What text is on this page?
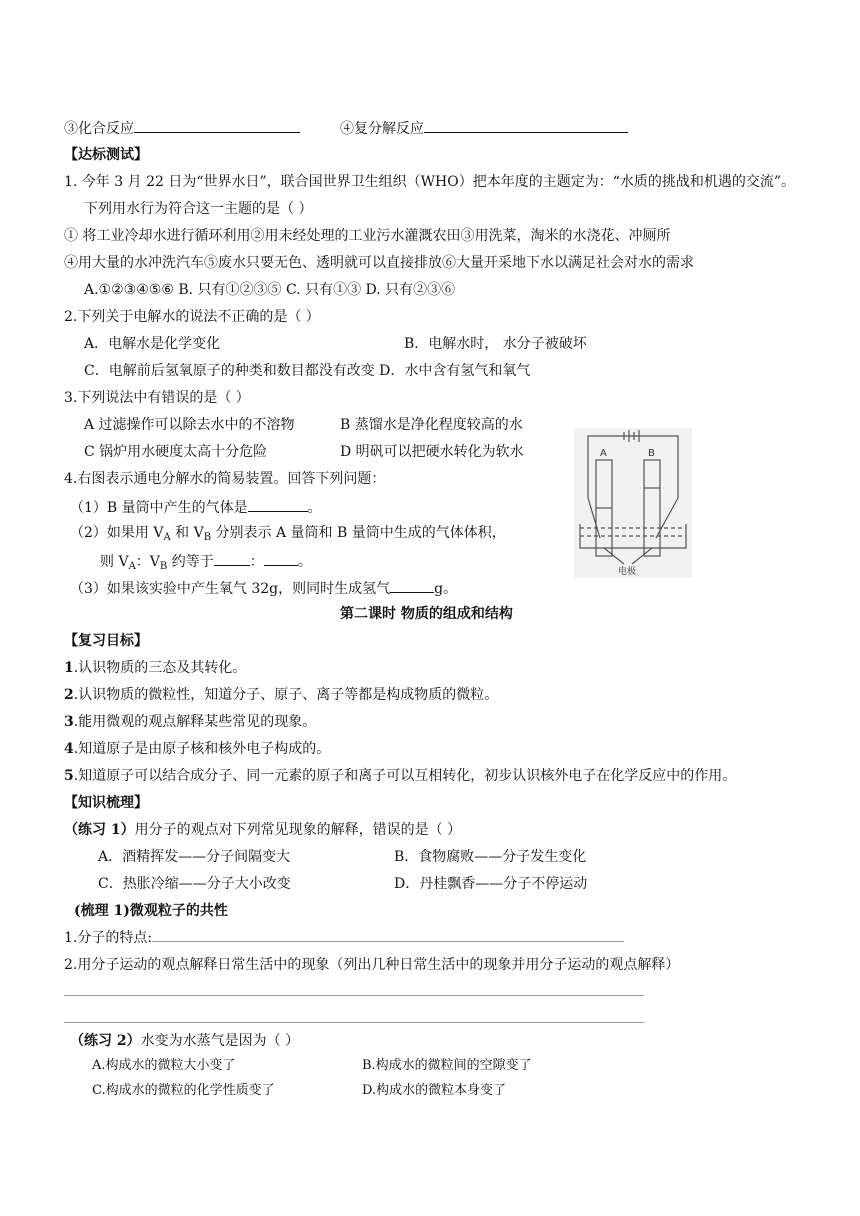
③化合反应	④复分解反应
【达标测试】
1. 今年 3 月 22 日为“世界水日”，联合国世界卫生组织（WHO）把本年度的主题定为：“水质的挑战和机遇的交流”。
下列用水行为符合这一主题的是（ ）
① 将工业冷却水进行循环利用②用未经处理的工业污水灌溉农田③用洗菜，淘米的水浇花、冲厕所
④用大量的水冲洗汽车⑤废水只要无色、透明就可以直接排放⑥大量开采地下水以满足社会对水的需求
A.①②③④⑤⑥ B. 只有①②③⑤ C. 只有①③ D. 只有②③⑥
2.下列关于电解水的说法不正确的是（ ）
A．电解水是化学变化	B．电解水时， 水分子被破坏
C．电解前后氢氧原子的种类和数目都没有改变 D．水中含有氢气和氧气
3.下列说法中有错误的是（ ）
A 过滤操作可以除去水中的不溶物	B 蒸馏水是净化程度较高的水
C 锅炉用水硬度太高十分危险	D 明矾可以把硬水转化为软水
4.右图表示通电分解水的简易装置。回答下列问题：
（1）B 量筒中产生的气体是	。
（2）如果用 $V_A$ 和 $V_B$ 分别表示 A 量筒和 B 量筒中生成的气体体积，
则 $V_A$：$V_B$ 约等于	： 。
（3）如果该实验中产生氧气 32g，则同时生成氢气	g。
A	B
电极
第二课时 物质的组成和结构
【复习目标】
1.认识物质的三态及其转化。
2.认识物质的微粒性，知道分子、原子、离子等都是构成物质的微粒。
3.能用微观的观点解释某些常见的现象。
4.知道原子是由原子核和核外电子构成的。
5.知道原子可以结合成分子、同一元素的原子和离子可以互相转化，初步认识核外电子在化学反应中的作用。
【知识梳理】
（练习 1）用分子的观点对下列常见现象的解释，错误的是（ ）
A．酒精挥发——分子间隔变大	B．食物腐败——分子发生变化
C．热胀冷缩——分子大小改变	D．丹桂飘香——分子不停运动
(梳理 1)微观粒子的共性
1.分子的特点:
2.用分子运动的观点解释日常生活中的现象（列出几种日常生活中的现象并用分子运动的观点解释）
（练习 2）水变为水蒸气是因为（ ）
A.构成水的微粒大小变了	B.构成水的微粒间的空隙变了
C.构成水的微粒的化学性质变了	D.构成水的微粒本身变了
